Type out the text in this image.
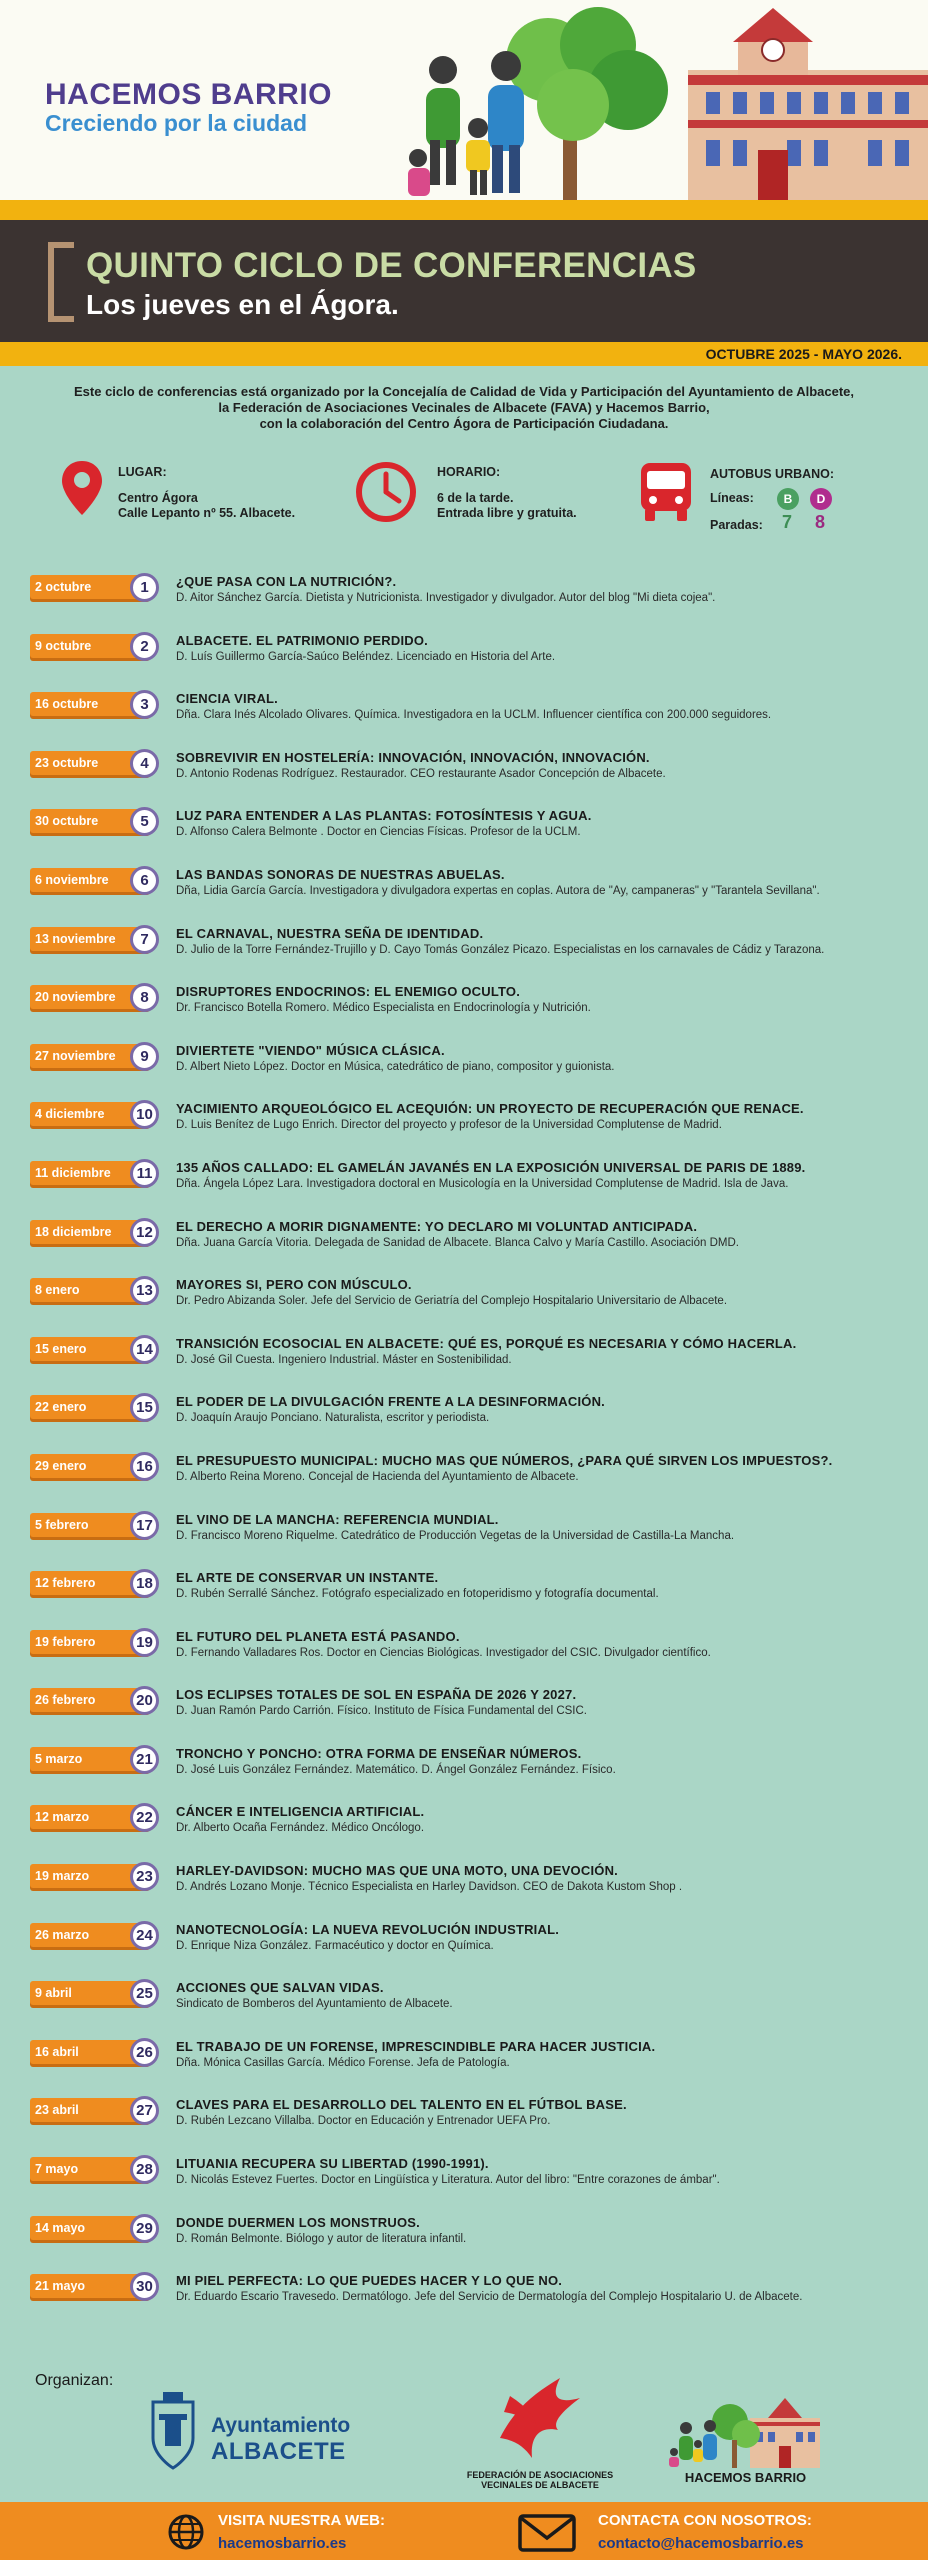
HACEMOS BARRIO
Creciendo por la ciudad
QUINTO CICLO DE CONFERENCIAS
Los jueves en el Ágora.
OCTUBRE 2025 - MAYO 2026.
Este ciclo de conferencias está organizado por la Concejalía de Calidad de Vida y Participación del Ayuntamiento de Albacete,
la Federación de Asociaciones Vecinales de Albacete (FAVA) y Hacemos Barrio,
con la colaboración del Centro Ágora de Participación Ciudadana.
LUGAR:
Centro Ágora
Calle Lepanto nº 55. Albacete.
HORARIO:
6 de la tarde.
Entrada libre y gratuita.
AUTOBUS URBANO:
Líneas:	B	D
Paradas: 7 8
2 octubre	1	¿QUE PASA CON LA NUTRICIÓN?.
D. Aitor Sánchez García. Dietista y Nutricionista. Investigador y divulgador. Autor del blog "Mi dieta cojea".
9 octubre	2	ALBACETE. EL PATRIMONIO PERDIDO.
D. Luís Guillermo García-Saúco Beléndez. Licenciado en Historia del Arte.
16 octubre	3	CIENCIA VIRAL.
Dña. Clara Inés Alcolado Olivares. Química. Investigadora en la UCLM. Influencer científica con 200.000 seguidores.
23 octubre	4	SOBREVIVIR EN HOSTELERÍA: INNOVACIÓN, INNOVACIÓN, INNOVACIÓN.
D. Antonio Rodenas Rodríguez. Restaurador. CEO restaurante Asador Concepción de Albacete.
30 octubre	5	LUZ PARA ENTENDER A LAS PLANTAS: FOTOSÍNTESIS Y AGUA.
D. Alfonso Calera Belmonte . Doctor en Ciencias Físicas. Profesor de la UCLM.
6 noviembre	6	LAS BANDAS SONORAS DE NUESTRAS ABUELAS.
Dña, Lidia García García. Investigadora y divulgadora expertas en coplas. Autora de "Ay, campaneras" y "Tarantela Sevillana".
13 noviembre	7	EL CARNAVAL, NUESTRA SEÑA DE IDENTIDAD.
D. Julio de la Torre Fernández-Trujillo y D. Cayo Tomás González Picazo. Especialistas en los carnavales de Cádiz y Tarazona.
20 noviembre	8	DISRUPTORES ENDOCRINOS: EL ENEMIGO OCULTO.
Dr. Francisco Botella Romero. Médico Especialista en Endocrinología y Nutrición.
27 noviembre	9	DIVIERTETE "VIENDO" MÚSICA CLÁSICA.
D. Albert Nieto López. Doctor en Música, catedrático de piano, compositor y guionista.
4 diciembre	10	YACIMIENTO ARQUEOLÓGICO EL ACEQUIÓN: UN PROYECTO DE RECUPERACIÓN QUE RENACE.
D. Luis Benítez de Lugo Enrich. Director del proyecto y profesor de la Universidad Complutense de Madrid.
11 diciembre	11	135 AÑOS CALLADO: EL GAMELÁN JAVANÉS EN LA EXPOSICIÓN UNIVERSAL DE PARIS DE 1889.
Dña. Ángela López Lara. Investigadora doctoral en Musicología en la Universidad Complutense de Madrid. Isla de Java.
18 diciembre	12	EL DERECHO A MORIR DIGNAMENTE: YO DECLARO MI VOLUNTAD ANTICIPADA.
Dña. Juana García Vitoria. Delegada de Sanidad de Albacete. Blanca Calvo y María Castillo. Asociación DMD.
8 enero	13	MAYORES SI, PERO CON MÚSCULO.
Dr. Pedro Abizanda Soler. Jefe del Servicio de Geriatría del Complejo Hospitalario Universitario de Albacete.
15 enero	14	TRANSICIÓN ECOSOCIAL EN ALBACETE: QUÉ ES, PORQUÉ ES NECESARIA Y CÓMO HACERLA.
D. José Gil Cuesta. Ingeniero Industrial. Máster en Sostenibilidad.
22 enero	15	EL PODER DE LA DIVULGACIÓN FRENTE A LA DESINFORMACIÓN.
D. Joaquín Araujo Ponciano. Naturalista, escritor y periodista.
29 enero	16	EL PRESUPUESTO MUNICIPAL: MUCHO MAS QUE NÚMEROS, ¿PARA QUÉ SIRVEN LOS IMPUESTOS?.
D. Alberto Reina Moreno. Concejal de Hacienda del Ayuntamiento de Albacete.
5 febrero	17	EL VINO DE LA MANCHA: REFERENCIA MUNDIAL.
D. Francisco Moreno Riquelme. Catedrático de Producción Vegetas de la Universidad de Castilla-La Mancha.
12 febrero	18	EL ARTE DE CONSERVAR UN INSTANTE.
D. Rubén Serrallé Sánchez. Fotógrafo especializado en fotoperidismo y fotografía documental.
19 febrero	19	EL FUTURO DEL PLANETA ESTÁ PASANDO.
D. Fernando Valladares Ros. Doctor en Ciencias Biológicas. Investigador del CSIC. Divulgador científico.
26 febrero	20	LOS ECLIPSES TOTALES DE SOL EN ESPAÑA DE 2026 Y 2027.
D. Juan Ramón Pardo Carrión. Físico. Instituto de Física Fundamental del CSIC.
5 marzo	21	TRONCHO Y PONCHO: OTRA FORMA DE ENSEÑAR NÚMEROS.
D. José Luis González Fernández. Matemático. D. Ángel González Fernández. Físico.
12 marzo	22	CÁNCER E INTELIGENCIA ARTIFICIAL.
Dr. Alberto Ocaña Fernández. Médico Oncólogo.
19 marzo	23	HARLEY-DAVIDSON: MUCHO MAS QUE UNA MOTO, UNA DEVOCIÓN.
D. Andrés Lozano Monje. Técnico Especialista en Harley Davidson. CEO de Dakota Kustom Shop .
26 marzo	24	NANOTECNOLOGÍA: LA NUEVA REVOLUCIÓN INDUSTRIAL.
D. Enrique Niza González. Farmacéutico y doctor en Química.
9 abril	25	ACCIONES QUE SALVAN VIDAS.
Sindicato de Bomberos del Ayuntamiento de Albacete.
16 abril	26	EL TRABAJO DE UN FORENSE, IMPRESCINDIBLE PARA HACER JUSTICIA.
Dña. Mónica Casillas García. Médico Forense. Jefa de Patología.
23 abril	27	CLAVES PARA EL DESARROLLO DEL TALENTO EN EL FÚTBOL BASE.
D. Rubén Lezcano Villalba. Doctor en Educación y Entrenador UEFA Pro.
7 mayo	28	LITUANIA RECUPERA SU LIBERTAD (1990-1991).
D. Nicolás Estevez Fuertes. Doctor en Lingüística y Literatura. Autor del libro: "Entre corazones de ámbar".
14 mayo	29	DONDE DUERMEN LOS MONSTRUOS.
D. Román Belmonte. Biólogo y autor de literatura infantil.
21 mayo	30	MI PIEL PERFECTA: LO QUE PUEDES HACER Y LO QUE NO.
Dr. Eduardo Escario Travesedo. Dermatólogo. Jefe del Servicio de Dermatología del Complejo Hospitalario U. de Albacete.
Organizan:
Ayuntamiento
ALBACETE
FEDERACIÓN DE ASOCIACIONES
VECINALES DE ALBACETE	HACEMOS BARRIO
VISITA NUESTRA WEB:
hacemosbarrio.es
CONTACTA CON NOSOTROS:
contacto@hacemosbarrio.es
